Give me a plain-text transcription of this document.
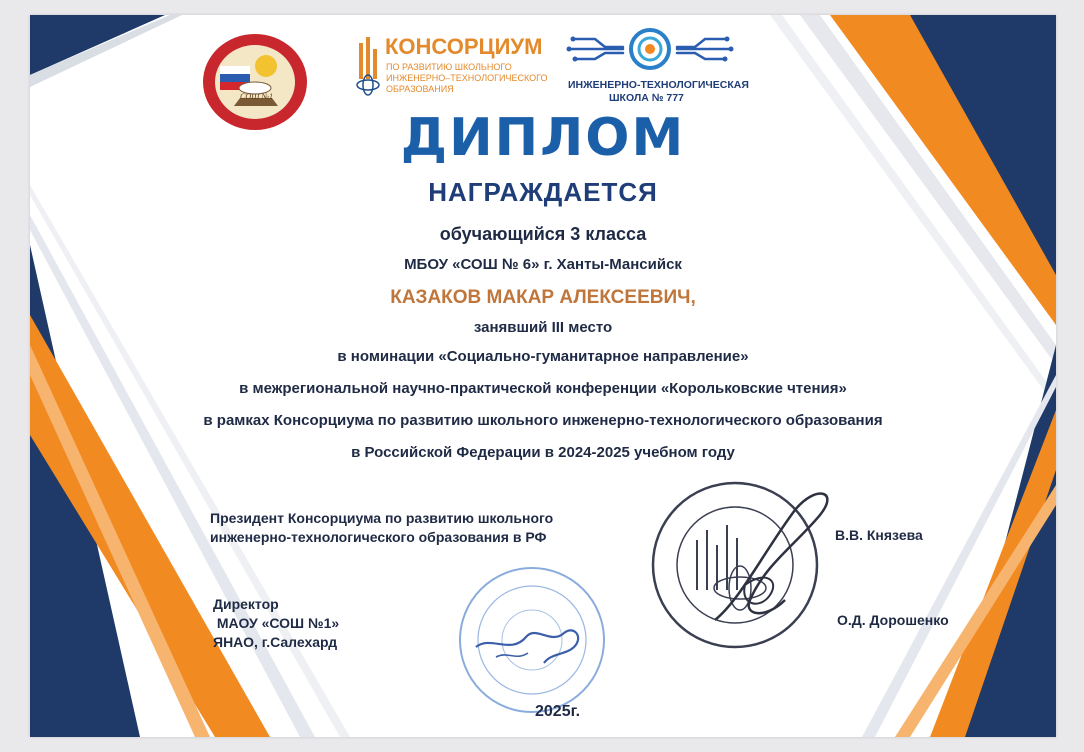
СОШ №1
КОНСОРЦИУМ
ПО РАЗВИТИЮ ШКОЛЬНОГО
ИНЖЕНЕРНО–ТЕХНОЛОГИЧЕСКОГО
ОБРАЗОВАНИЯ	ИНЖЕНЕРНО-ТЕХНОЛОГИЧЕСКАЯ
ШКОЛА № 777
ДИПЛОМ
НАГРАЖДАЕТСЯ
обучающийся 3 класса
МБОУ «СОШ № 6» г. Ханты-Мансийск
КАЗАКОВ МАКАР АЛЕКСЕЕВИЧ,
занявший III место
в номинации «Социально-гуманитарное направление»
в межрегиональной научно-практической конференции «Корольковские чтения»
в рамках Консорциума по развитию школьного инженерно-технологического образования
в Российской Федерации в 2024-2025 учебном году
Президент Консорциума по развитию школьного
инженерно-технологического образования в РФ	В.В. Князева
Директор
МАОУ «СОШ №1»
ЯНАО, г.Салехард
О.Д. Дорошенко
2025г.
